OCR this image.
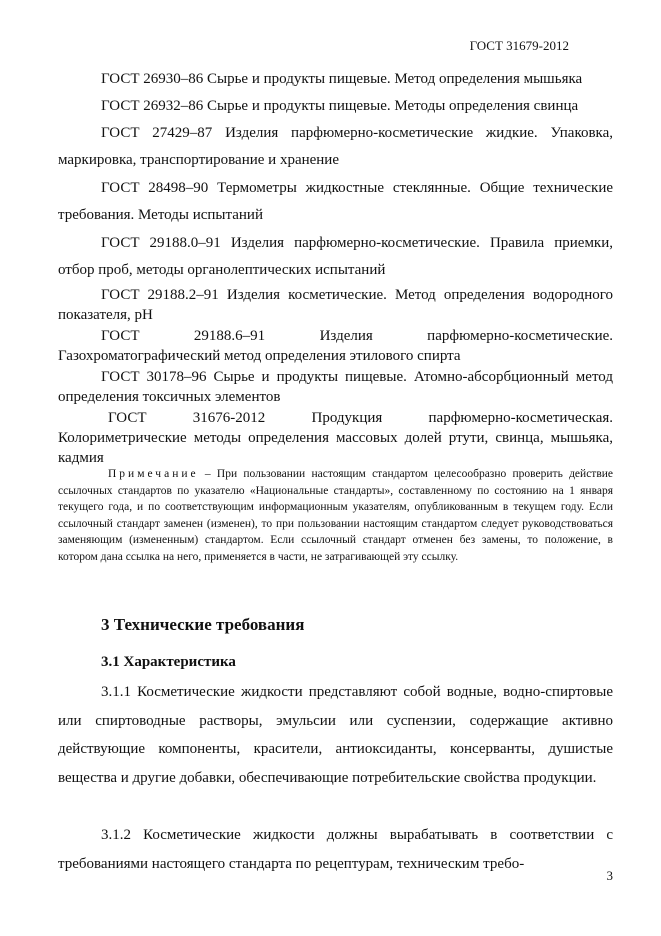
ГОСТ 31679-2012
ГОСТ 26930–86 Сырье и продукты пищевые. Метод определения мышьяка
ГОСТ 26932–86 Сырье и продукты пищевые. Методы определения свинца
ГОСТ 27429–87 Изделия парфюмерно-косметические жидкие. Упаковка, маркировка, транспортирование и хранение
ГОСТ 28498–90 Термометры жидкостные стеклянные. Общие технические требования. Методы испытаний
ГОСТ 29188.0–91 Изделия парфюмерно-косметические. Правила приемки, отбор проб, методы органолептических испытаний
ГОСТ 29188.2–91 Изделия косметические. Метод определения водородного показателя, рН
ГОСТ 29188.6–91	Изделия парфюмерно-косметические. Газохроматографический метод определения этилового спирта
ГОСТ 30178–96 Сырье и продукты пищевые. Атомно-абсорбционный метод определения токсичных элементов
ГОСТ 31676-2012	Продукция парфюмерно-косметическая. Колориметрические методы определения массовых долей ртути, свинца, мышьяка, кадмия
Примечание – При пользовании настоящим стандартом целесообразно проверить действие ссылочных стандартов по указателю «Национальные стандарты», составленному по состоянию на 1 января текущего года, и по соответствующим информационным указателям, опубликованным в текущем году. Если ссылочный стандарт заменен (изменен), то при пользовании настоящим стандартом следует руководствоваться заменяющим (измененным) стандартом. Если ссылочный стандарт отменен без замены, то положение, в котором дана ссылка на него, применяется в части, не затрагивающей эту ссылку.
3 Технические требования
3.1 Характеристика
3.1.1 Косметические жидкости представляют собой водные, водно-спиртовые или спиртоводные растворы, эмульсии или суспензии, содержащие активно действующие компоненты, красители, антиоксиданты, консерванты, душистые вещества и другие добавки, обеспечивающие потребительские свойства продукции.
3.1.2 Косметические жидкости должны вырабатывать в соответствии с требованиями настоящего стандарта по рецептурам, техническим требо-
3
